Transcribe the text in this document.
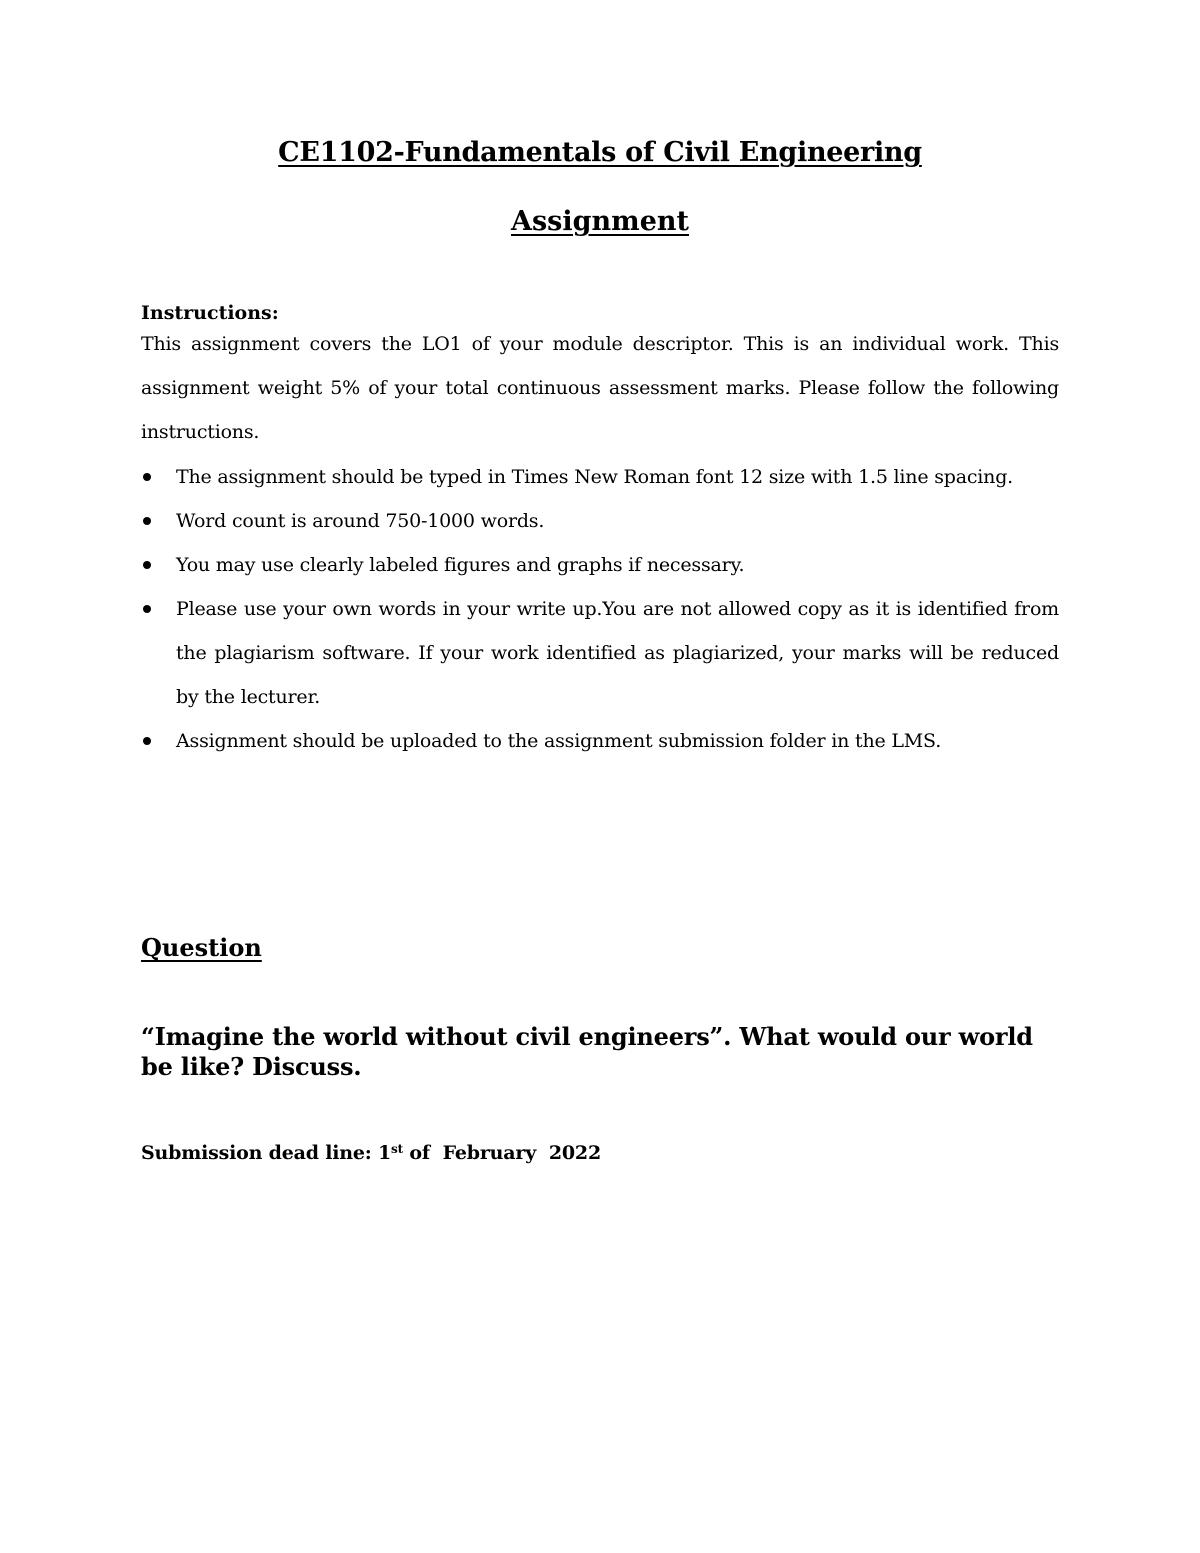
CE1102-Fundamentals of Civil Engineering
Assignment
Instructions:
This assignment covers the LO1 of your module descriptor. This is an individual work. This assignment weight 5% of your total continuous assessment marks. Please follow the following instructions.
The assignment should be typed in Times New Roman font 12 size with 1.5 line spacing.
Word count is around 750-1000 words.
You may use clearly labeled figures and graphs if necessary.
Please use your own words in your write up.You are not allowed copy as it is identified from the plagiarism software. If your work identified as plagiarized, your marks will be reduced by the lecturer.
Assignment should be uploaded to the assignment submission folder in the LMS.
Question
“Imagine the world without civil engineers”. What would our world be like? Discuss.
Submission dead line: 1st of  February  2022
